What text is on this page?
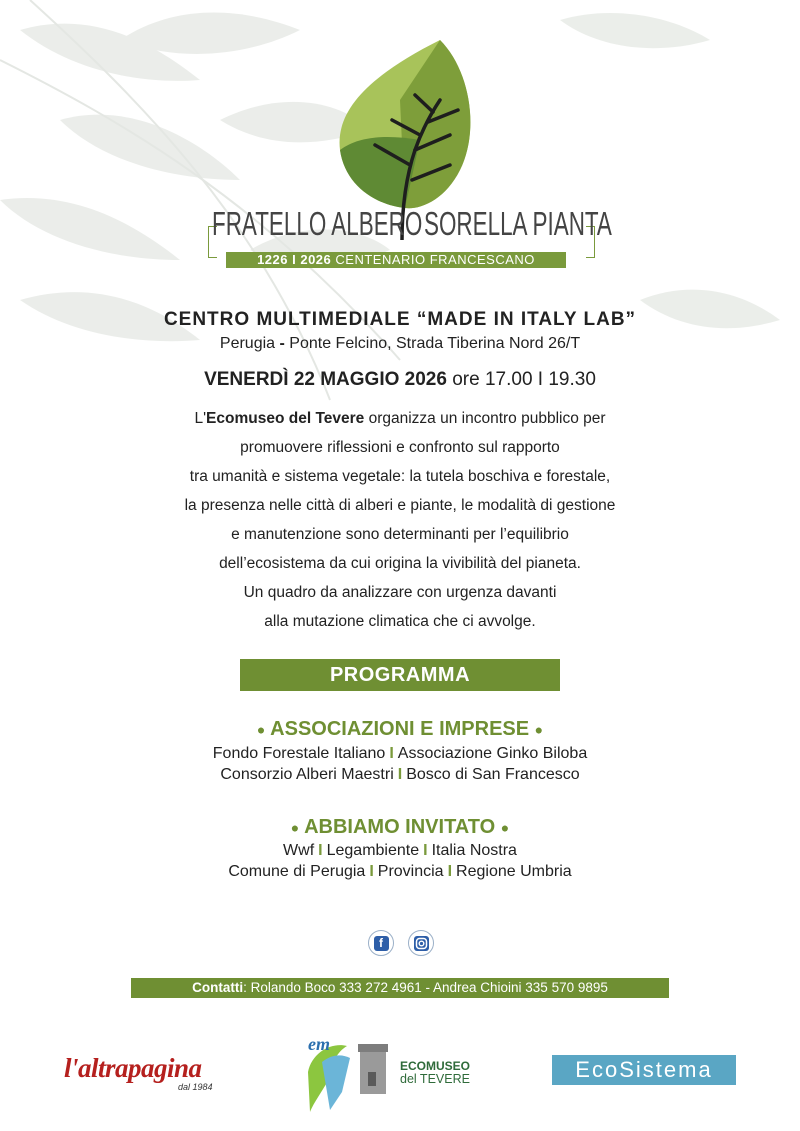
FRATELLO ALBERO SORELLA PIANTA
1226 I 2026 CENTENARIO FRANCESCANO
CENTRO MULTIMEDIALE “MADE IN ITALY LAB”
Perugia - Ponte Felcino, Strada Tiberina Nord 26/T
VENERDÌ 22 MAGGIO 2026 ore 17.00 I 19.30
L'Ecomuseo del Tevere organizza un incontro pubblico per
promuovere riflessioni e confronto sul rapporto
tra umanità e sistema vegetale: la tutela boschiva e forestale,
la presenza nelle città di alberi e piante, le modalità di gestione
e manutenzione sono determinanti per l’equilibrio
dell’ecosistema da cui origina la vivibilità del pianeta.
Un quadro da analizzare con urgenza davanti
alla mutazione climatica che ci avvolge.
PROGRAMMA
● ASSOCIAZIONI E IMPRESE ●
Fondo Forestale Italiano I Associazione Ginko Biloba
Consorzio Alberi Maestri I Bosco di San Francesco
● ABBIAMO INVITATO ●
Wwf I Legambiente I Italia Nostra
Comune di Perugia I Provincia I Regione Umbria
f
Contatti: Rolando Boco 333 272 4961 - Andrea Chioini 335 570 9895
l'altrapagina
dal 1984
em
ECOMUSEO
del TEVERE	EcoSistema
